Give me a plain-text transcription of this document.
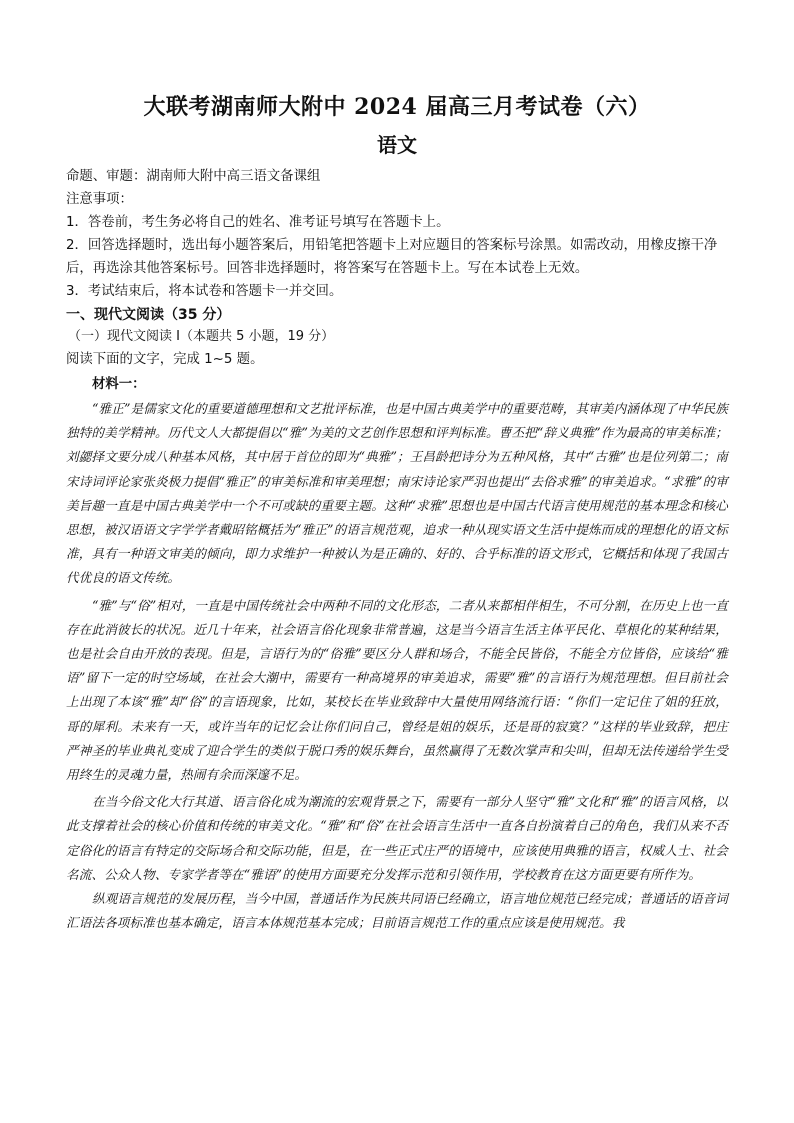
大联考湖南师大附中 2024 届高三月考试卷（六）
语文

命题、审题：湖南师大附中高三语文备课组

注意事项：

1．答卷前，考生务必将自己的姓名、准考证号填写在答题卡上。

2．回答选择题时，选出每小题答案后，用铅笔把答题卡上对应题目的答案标号涂黑。如需改动，用橡皮擦干净后，再选涂其他答案标号。回答非选择题时，将答案写在答题卡上。写在本试卷上无效。

3．考试结束后，将本试卷和答题卡一并交回。

一、现代文阅读（35 分）

（一）现代文阅读 I（本题共 5 小题，19 分）

阅读下面的文字，完成 1~5 题。

材料一：

“雅正”是儒家文化的重要道德理想和文艺批评标准，也是中国古典美学中的重要范畴，其审美内涵体现了中华民族独特的美学精神。历代文人大都提倡以“雅”为美的文艺创作思想和评判标准。曹丕把“辞义典雅”作为最高的审美标准；刘勰择文要分成八种基本风格，其中居于首位的即为“典雅”；王昌龄把诗分为五种风格，其中“古雅”也是位列第二；南宋诗词评论家张炎极力提倡“雅正”的审美标准和审美理想；南宋诗论家严羽也提出“去俗求雅”的审美追求。“求雅”的审美旨趣一直是中国古典美学中一个不可或缺的重要主题。这种“求雅”思想也是中国古代语言使用规范的基本理念和核心思想，被汉语语文字学学者戴昭铭概括为“雅正”的语言规范观，追求一种从现实语文生活中提炼而成的理想化的语文标准，具有一种语文审美的倾向，即力求维护一种被认为是正确的、好的、合乎标准的语文形式，它概括和体现了我国古代优良的语文传统。

“雅”与“俗”相对，一直是中国传统社会中两种不同的文化形态，二者从来都相伴相生，不可分割，在历史上也一直存在此消彼长的状况。近几十年来，社会语言俗化现象非常普遍，这是当今语言生活主体平民化、草根化的某种结果，也是社会自由开放的表现。但是，言语行为的“俗雅”要区分人群和场合，不能全民皆俗，不能全方位皆俗，应该给“雅语”留下一定的时空场域，在社会大潮中，需要有一种高境界的审美追求，需要“雅”的言语行为规范理想。但目前社会上出现了本该“雅”却“俗”的言语现象，比如，某校长在毕业致辞中大量使用网络流行语：“你们一定记住了姐的狂放，哥的犀利。未来有一天，或许当年的记忆会让你们问自己，曾经是姐的娱乐，还是哥的寂寞？”这样的毕业致辞，把庄严神圣的毕业典礼变成了迎合学生的类似于脱口秀的娱乐舞台，虽然赢得了无数次掌声和尖叫，但却无法传递给学生受用终生的灵魂力量，热闹有余而深邃不足。

在当今俗文化大行其道、语言俗化成为潮流的宏观背景之下，需要有一部分人坚守“雅”文化和“雅”的语言风格，以此支撑着社会的核心价值和传统的审美文化。“雅”和“俗”在社会语言生活中一直各自扮演着自己的角色，我们从来不否定俗化的语言有特定的交际场合和交际功能，但是，在一些正式庄严的语境中，应该使用典雅的语言，权威人士、社会名流、公众人物、专家学者等在“雅语”的使用方面要充分发挥示范和引领作用，学校教育在这方面更要有所作为。

纵观语言规范的发展历程，当今中国，普通话作为民族共同语已经确立，语言地位规范已经完成；普通话的语音词汇语法各项标准也基本确定，语言本体规范基本完成；目前语言规范工作的重点应该是使用规范。我
